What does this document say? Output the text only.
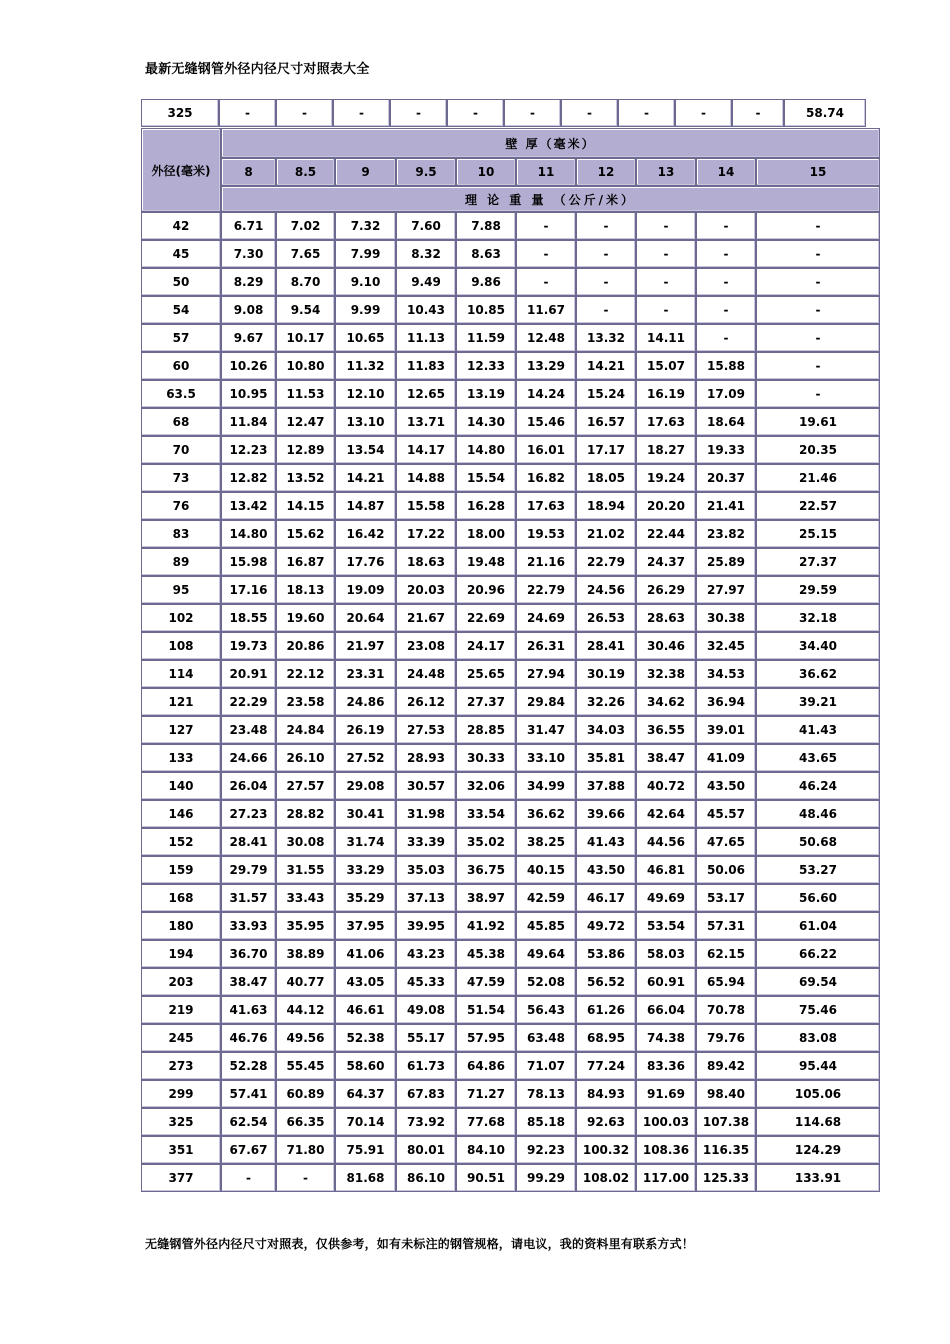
最新无缝钢管外径内径尺寸对照表大全
325	-	-	-	-	-	-	-	-	-	-	58.74
外径(毫米)	壁 厚（毫米）									
	8	8.5	9	9.5	10	11	12	13	14	15
	理 论 重 量 （公斤/米）									
42	6.71	7.02	7.32	7.60	7.88	-	-	-	-	-
45	7.30	7.65	7.99	8.32	8.63	-	-	-	-	-
50	8.29	8.70	9.10	9.49	9.86	-	-	-	-	-
54	9.08	9.54	9.99	10.43	10.85	11.67	-	-	-	-
57	9.67	10.17	10.65	11.13	11.59	12.48	13.32	14.11	-	-
60	10.26	10.80	11.32	11.83	12.33	13.29	14.21	15.07	15.88	-
63.5	10.95	11.53	12.10	12.65	13.19	14.24	15.24	16.19	17.09	-
68	11.84	12.47	13.10	13.71	14.30	15.46	16.57	17.63	18.64	19.61
70	12.23	12.89	13.54	14.17	14.80	16.01	17.17	18.27	19.33	20.35
73	12.82	13.52	14.21	14.88	15.54	16.82	18.05	19.24	20.37	21.46
76	13.42	14.15	14.87	15.58	16.28	17.63	18.94	20.20	21.41	22.57
83	14.80	15.62	16.42	17.22	18.00	19.53	21.02	22.44	23.82	25.15
89	15.98	16.87	17.76	18.63	19.48	21.16	22.79	24.37	25.89	27.37
95	17.16	18.13	19.09	20.03	20.96	22.79	24.56	26.29	27.97	29.59
102	18.55	19.60	20.64	21.67	22.69	24.69	26.53	28.63	30.38	32.18
108	19.73	20.86	21.97	23.08	24.17	26.31	28.41	30.46	32.45	34.40
114	20.91	22.12	23.31	24.48	25.65	27.94	30.19	32.38	34.53	36.62
121	22.29	23.58	24.86	26.12	27.37	29.84	32.26	34.62	36.94	39.21
127	23.48	24.84	26.19	27.53	28.85	31.47	34.03	36.55	39.01	41.43
133	24.66	26.10	27.52	28.93	30.33	33.10	35.81	38.47	41.09	43.65
140	26.04	27.57	29.08	30.57	32.06	34.99	37.88	40.72	43.50	46.24
146	27.23	28.82	30.41	31.98	33.54	36.62	39.66	42.64	45.57	48.46
152	28.41	30.08	31.74	33.39	35.02	38.25	41.43	44.56	47.65	50.68
159	29.79	31.55	33.29	35.03	36.75	40.15	43.50	46.81	50.06	53.27
168	31.57	33.43	35.29	37.13	38.97	42.59	46.17	49.69	53.17	56.60
180	33.93	35.95	37.95	39.95	41.92	45.85	49.72	53.54	57.31	61.04
194	36.70	38.89	41.06	43.23	45.38	49.64	53.86	58.03	62.15	66.22
203	38.47	40.77	43.05	45.33	47.59	52.08	56.52	60.91	65.94	69.54
219	41.63	44.12	46.61	49.08	51.54	56.43	61.26	66.04	70.78	75.46
245	46.76	49.56	52.38	55.17	57.95	63.48	68.95	74.38	79.76	83.08
273	52.28	55.45	58.60	61.73	64.86	71.07	77.24	83.36	89.42	95.44
299	57.41	60.89	64.37	67.83	71.27	78.13	84.93	91.69	98.40	105.06
325	62.54	66.35	70.14	73.92	77.68	85.18	92.63	100.03	107.38	114.68
351	67.67	71.80	75.91	80.01	84.10	92.23	100.32	108.36	116.35	124.29
377	-	-	81.68	86.10	90.51	99.29	108.02	117.00	125.33	133.91
无缝钢管外径内径尺寸对照表，仅供参考，如有未标注的钢管规格，请电议，我的资料里有联系方式！
